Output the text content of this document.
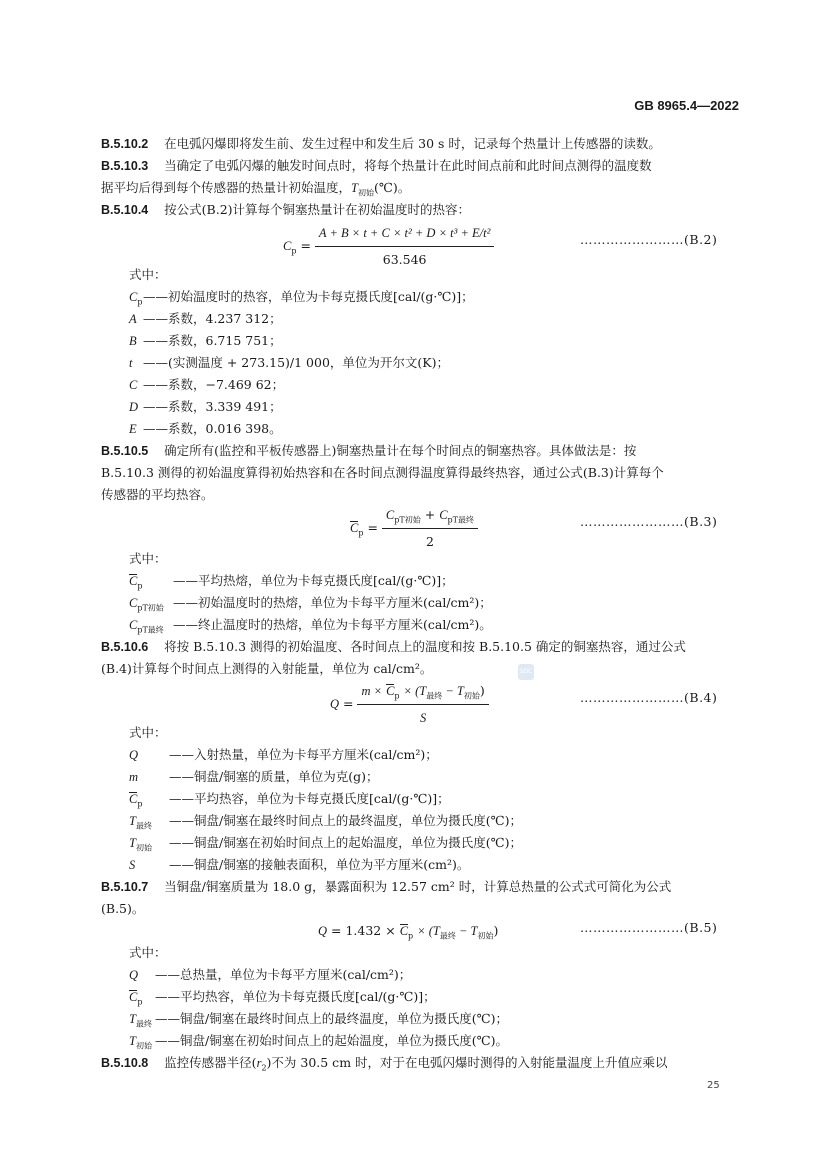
GB 8965.4—2022
B.5.10.2 在电弧闪爆即将发生前、发生过程中和发生后 30 s 时，记录每个热量计上传感器的读数。
B.5.10.3 当确定了电弧闪爆的触发时间点时，将每个热量计在此时间点前和此时间点测得的温度数
据平均后得到每个传感器的热量计初始温度，$T_{初始}(℃)$。
B.5.10.4 按公式(B.2)计算每个铜塞热量计在初始温度时的热容：
$C_p = \frac{\text{A + B × t + C × t² + D × t³ + E/t²}}{63.546}$	……………………(B.2)
式中：
$C_p——$初始温度时的热容，单位为卡每克摄氏度[cal/(g·℃)]；
A ——系数，4.237 312；
B ——系数，6.715 751；
t ——(实测温度 + 273.15)/1 000，单位为开尔文(K)；
C ——系数，−7.469 62；
D ——系数，3.339 491；
E ——系数，0.016 398。
B.5.10.5 确定所有(监控和平板传感器上)铜塞热量计在每个时间点的铜塞热容。具体做法是：按
B.5.10.3 测得的初始温度算得初始热容和在各时间点测得温度算得最终热容，通过公式(B.3)计算每个
传感器的平均热容。
$C_p = \frac{C_{pT初始} + C_{pT最终}}{2}$	……………………(B.3)
式中：
$C_p$ ——平均热熔，单位为卡每克摄氏度[cal/(g·℃)]；
$C_{pT初始}$ ——初始温度时的热熔，单位为卡每平方厘米(cal/cm²)；
$C_{pT最终}$ ——终止温度时的热熔，单位为卡每平方厘米(cal/cm²)。
B.5.10.6 将按 B.5.10.3 测得的初始温度、各时间点上的温度和按 B.5.10.5 确定的铜塞热容，通过公式
(B.4)计算每个时间点上测得的入射能量，单位为 cal/cm²。	SDC
$Q = \frac{m \times C_p \times (T_{最终} - T_{初始})}{S}$	……………………(B.4)
式中：
Q ——入射热量，单位为卡每平方厘米(cal/cm²)；
m ——铜盘/铜塞的质量，单位为克(g)；
$C_p$ ——平均热容，单位为卡每克摄氏度[cal/(g·℃)]；
$T_{最终}$ ——铜盘/铜塞在最终时间点上的最终温度，单位为摄氏度(℃)；
$T_{初始}$ ——铜盘/铜塞在初始时间点上的起始温度，单位为摄氏度(℃)；
S	——铜盘/铜塞的接触表面积，单位为平方厘米(cm²)。
B.5.10.7 当铜盘/铜塞质量为 18.0 g，暴露面积为 12.57 cm² 时，计算总热量的公式式可简化为公式
(B.5)。
$Q = 1.432 \times C_p \times (T_{最终} - T_{初始})$	……………………(B.5)
式中：
Q ——总热量，单位为卡每平方厘米(cal/cm²)；
$C_p$ ——平均热容，单位为卡每克摄氏度[cal/(g·℃)]；
$T_{最终}$ ——铜盘/铜塞在最终时间点上的最终温度，单位为摄氏度(℃)；
$T_{初始}$ ——铜盘/铜塞在初始时间点上的起始温度，单位为摄氏度(℃)。
B.5.10.8 监控传感器半径$(r_2)$不为 30.5 cm 时，对于在电弧闪爆时测得的入射能量温度上升值应乘以
25
